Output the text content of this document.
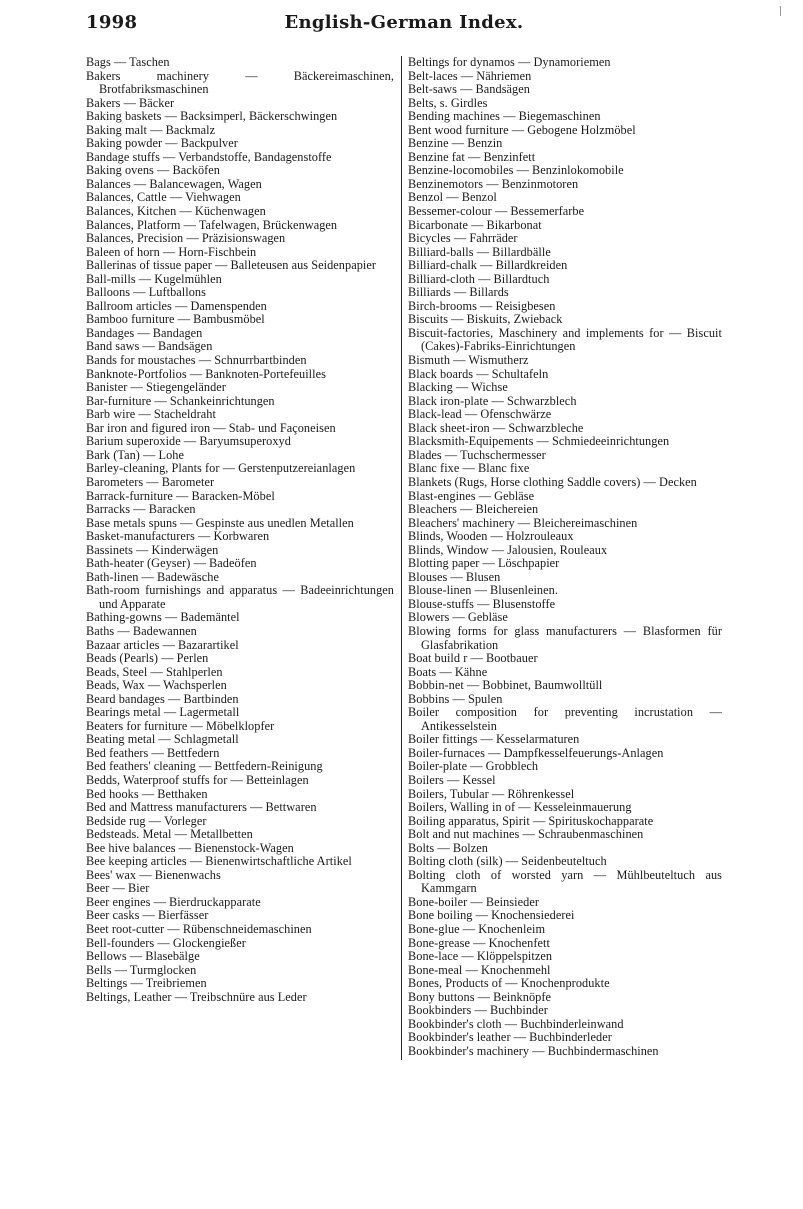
1998	English-German Index.

Bags — Taschen

Bakers machinery — Bäckereimaschinen, Brotfabriksmaschinen

Bakers — Bäcker

Baking baskets — Backsimperl, Bäckerschwingen

Baking malt — Backmalz

Baking powder — Backpulver

Bandage stuffs — Verbandstoffe, Bandagenstoffe

Baking ovens — Backöfen

Balances — Balancewagen, Wagen

Balances, Cattle — Viehwagen

Balances, Kitchen — Küchenwagen

Balances, Platform — Tafelwagen, Brückenwagen

Balances, Precision — Präzisionswagen

Baleen of horn — Horn-Fischbein

Ballerinas of tissue paper — Balleteusen aus Seidenpapier

Ball-mills — Kugelmühlen

Balloons — Luftballons

Ballroom articles — Damenspenden

Bamboo furniture — Bambusmöbel

Bandages — Bandagen

Band saws — Bandsägen

Bands for moustaches — Schnurrbartbinden

Banknote-Portfolios — Banknoten-Portefeuilles

Banister — Stiegengeländer

Bar-furniture — Schankeinrichtungen

Barb wire — Stacheldraht

Bar iron and figured iron — Stab- und Façoneisen

Barium superoxide — Baryumsuperoxyd

Bark (Tan) — Lohe

Barley-cleaning, Plants for — Gerstenputzereianlagen

Barometers — Barometer

Barrack-furniture — Baracken-Möbel

Barracks — Baracken

Base metals spuns — Gespinste aus unedlen Metallen

Basket-manufacturers — Korbwaren

Bassinets — Kinderwägen

Bath-heater (Geyser) — Badeöfen

Bath-linen — Badewäsche

Bath-room furnishings and apparatus — Badeeinrichtungen und Apparate

Bathing-gowns — Bademäntel

Baths — Badewannen

Bazaar articles — Bazarartikel

Beads (Pearls) — Perlen

Beads, Steel — Stahlperlen

Beads, Wax — Wachsperlen

Beard bandages — Bartbinden

Bearings metal — Lagermetall

Beaters for furniture — Möbelklopfer

Beating metal — Schlagmetall

Bed feathers — Bettfedern

Bed feathers' cleaning — Bettfedern-Reinigung

Bedds, Waterproof stuffs for — Betteinlagen

Bed hooks — Betthaken

Bed and Mattress manufacturers — Bettwaren

Bedside rug — Vorleger

Bedsteads. Metal — Metallbetten

Bee hive balances — Bienenstock-Wagen

Bee keeping articles — Bienenwirtschaftliche Artikel

Bees' wax — Bienenwachs

Beer — Bier

Beer engines — Bierdruckapparate

Beer casks — Bierfässer

Beet root-cutter — Rübenschneidemaschinen

Bell-founders — Glockengießer

Bellows — Blasebälge

Bells — Turmglocken

Beltings — Treibriemen

Beltings, Leather — Treibschnüre aus Leder

Beltings for dynamos — Dynamoriemen

Belt-laces — Nähriemen

Belt-saws — Bandsägen

Belts, s. Girdles

Bending machines — Biegemaschinen

Bent wood furniture — Gebogene Holzmöbel

Benzine — Benzin

Benzine fat — Benzinfett

Benzine-locomobiles — Benzinlokomobile

Benzinemotors — Benzinmotoren

Benzol — Benzol

Bessemer-colour — Bessemerfarbe

Bicarbonate — Bikarbonat

Bicycles — Fahrräder

Billiard-balls — Billardbälle

Billiard-chalk — Billardkreiden

Billiard-cloth — Billardtuch

Billiards — Billards

Birch-brooms — Reisigbesen

Biscuits — Biskuits, Zwieback

Biscuit-factories, Maschinery and implements for — Biscuit (Cakes)-Fabriks-Einrichtungen

Bismuth — Wismutherz

Black boards — Schultafeln

Blacking — Wichse

Black iron-plate — Schwarzblech

Black-lead — Ofenschwärze

Black sheet-iron — Schwarzbleche

Blacksmith-Equipements — Schmiedeeinrichtungen

Blades — Tuchschermesser

Blanc fixe — Blanc fixe

Blankets (Rugs, Horse clothing Saddle covers) — Decken

Blast-engines — Gebläse

Bleachers — Bleichereien

Bleachers' machinery — Bleichereimaschinen

Blinds, Wooden — Holzrouleaux

Blinds, Window — Jalousien, Rouleaux

Blotting paper — Löschpapier

Blouses — Blusen

Blouse-linen — Blusenleinen.

Blouse-stuffs — Blusenstoffe

Blowers — Gebläse

Blowing forms for glass manufacturers — Blasformen für Glasfabrikation

Boat build r — Bootbauer

Boats — Kähne

Bobbin-net — Bobbinet, Baumwolltüll

Bobbins — Spulen

Boiler composition for preventing incrustation — Antikesselstein

Boiler fittings — Kesselarmaturen

Boiler-furnaces — Dampfkesselfeuerungs-Anlagen

Boiler-plate — Grobblech

Boilers — Kessel

Boilers, Tubular — Röhrenkessel

Boilers, Walling in of — Kesseleinmauerung

Boiling apparatus, Spirit — Spirituskochapparate

Bolt and nut machines — Schraubenmaschinen

Bolts — Bolzen

Bolting cloth (silk) — Seidenbeuteltuch

Bolting cloth of worsted yarn — Mühlbeuteltuch aus Kammgarn

Bone-boiler — Beinsieder

Bone boiling — Knochensiederei

Bone-glue — Knochenleim

Bone-grease — Knochenfett

Bone-lace — Klöppelspitzen

Bone-meal — Knochenmehl

Bones, Products of — Knochenprodukte

Bony buttons — Beinknöpfe

Bookbinders — Buchbinder

Bookbinder's cloth — Buchbinderleinwand

Bookbinder's leather — Buchbinderleder

Bookbinder's machinery — Buchbindermaschinen
